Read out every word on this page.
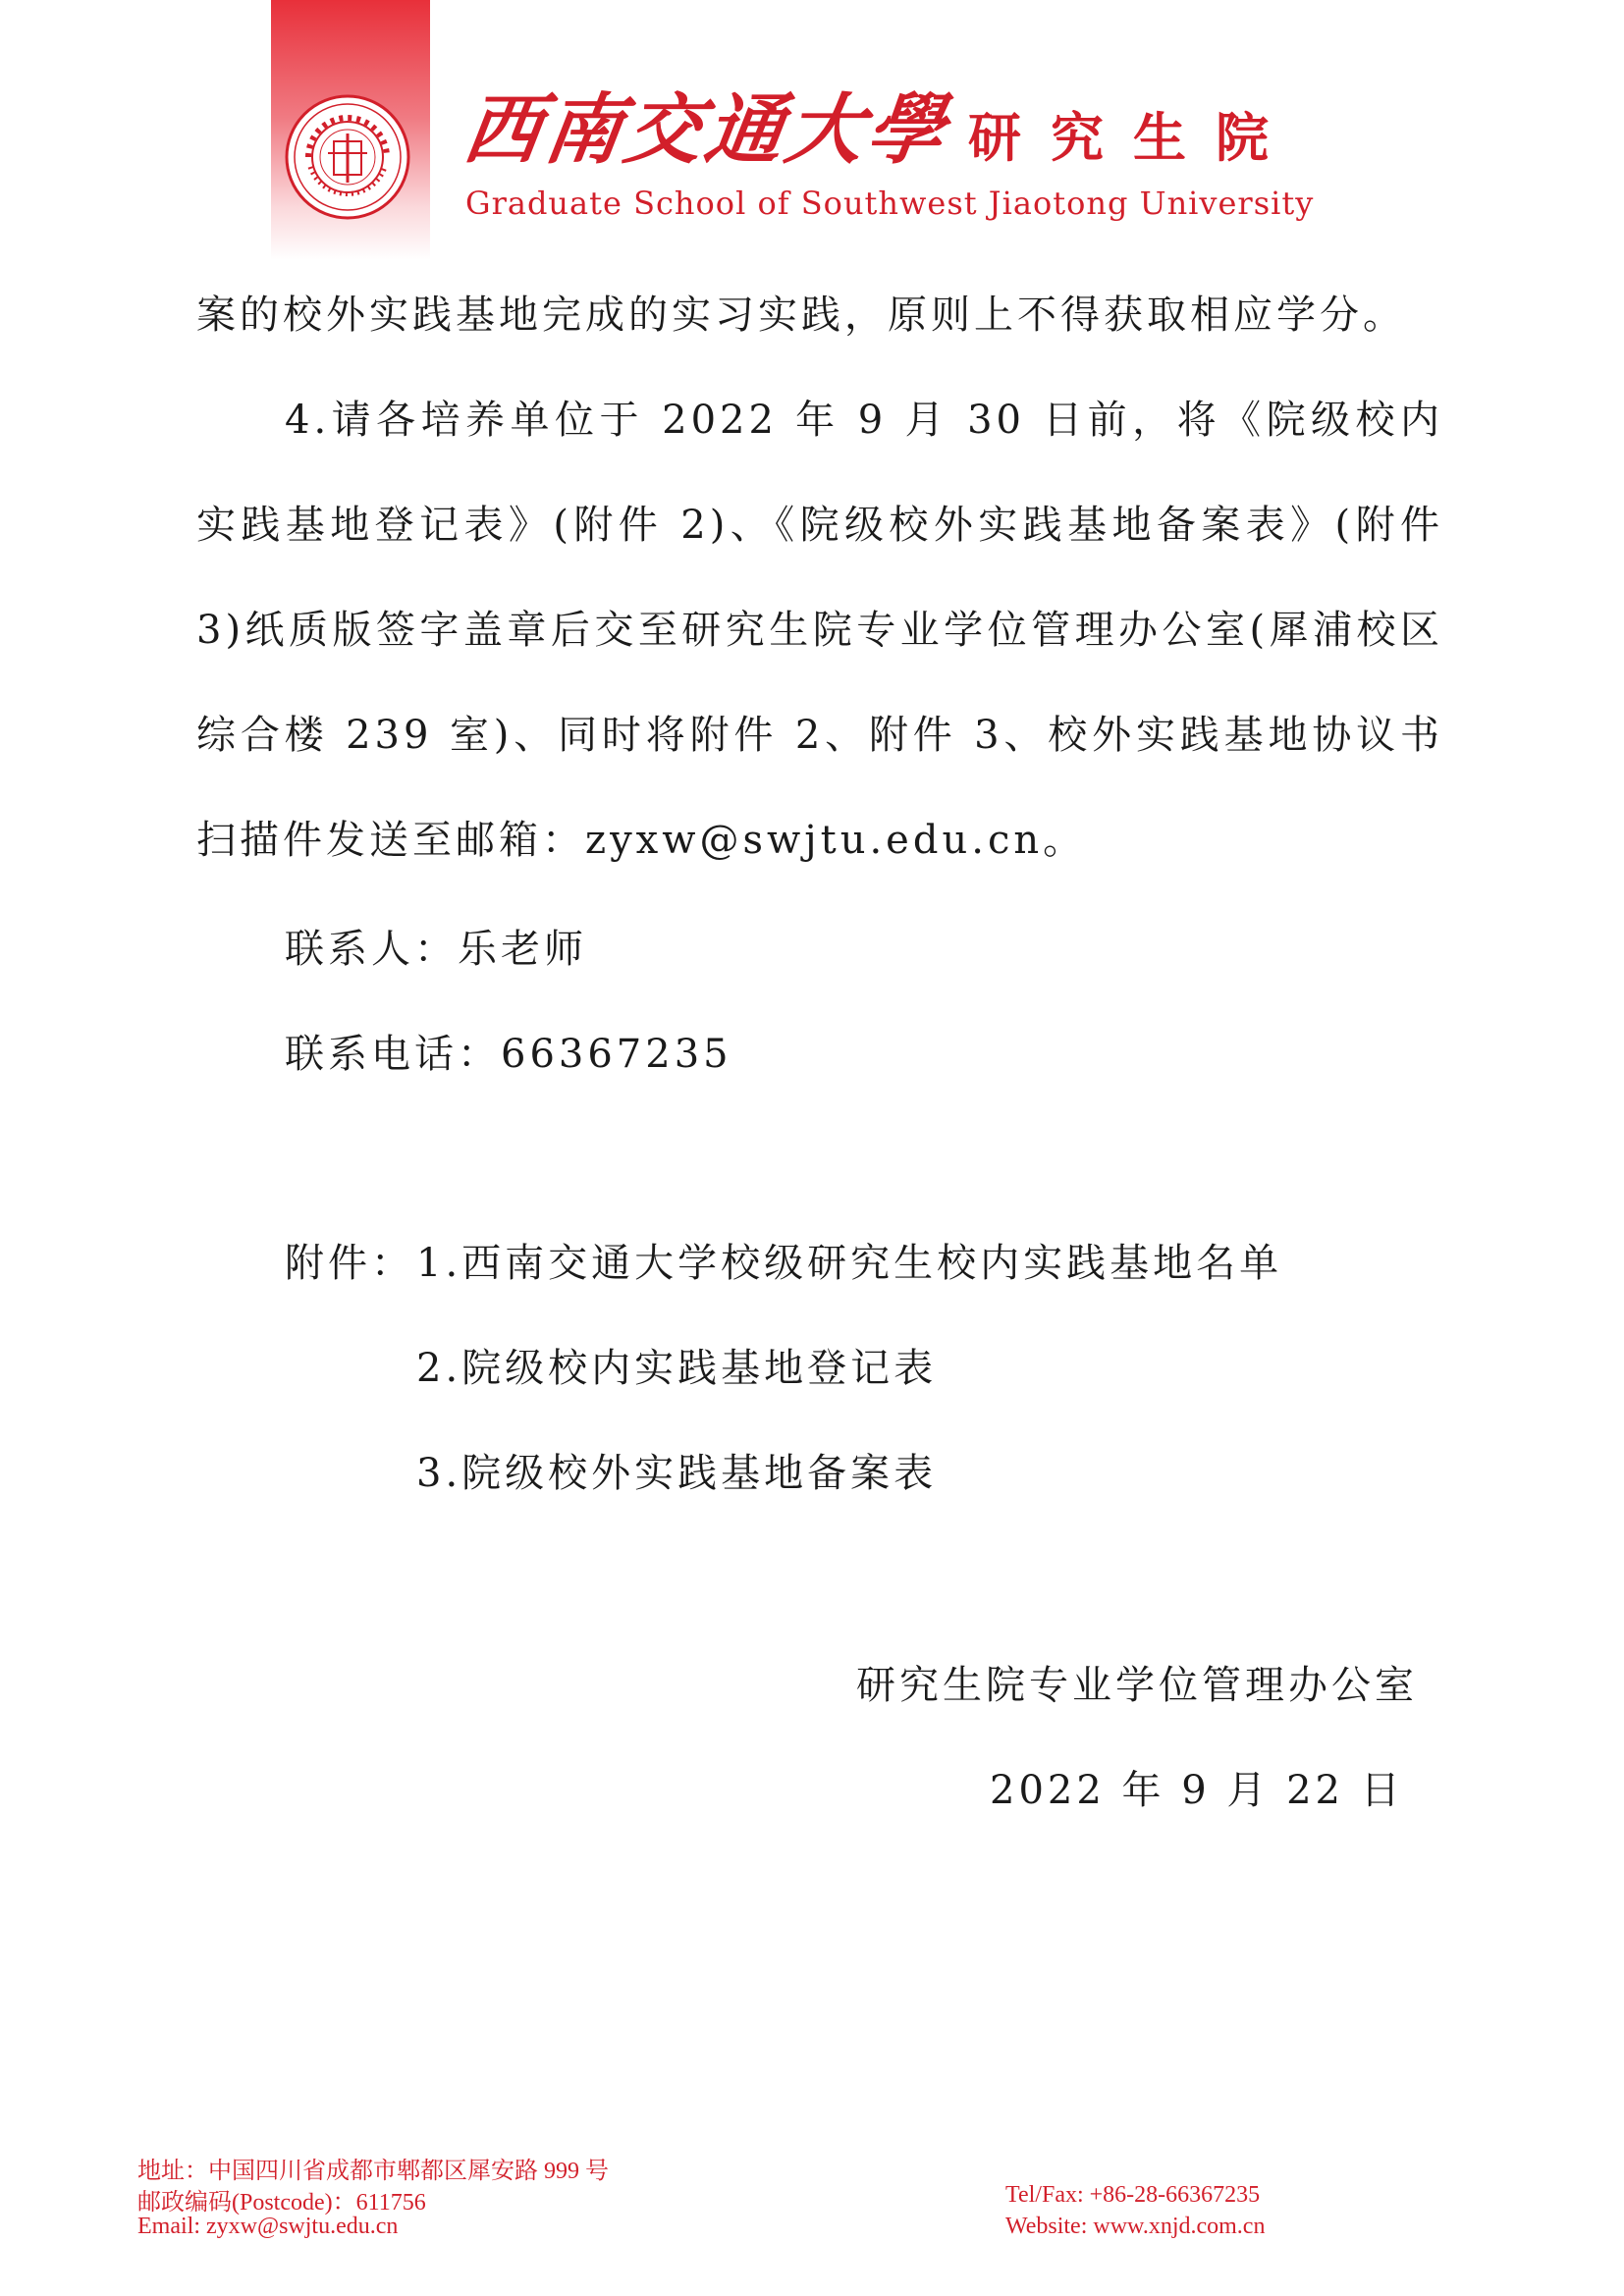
西南交通大學 研究生院
Graduate School of Southwest Jiaotong University
案的校外实践基地完成的实习实践，原则上不得获取相应学分。
4.请各培养单位于 2022 年 9 月 30 日前，将《院级校内实践基地登记表》(附件 2)、《院级校外实践基地备案表》(附件 3)纸质版签字盖章后交至研究生院专业学位管理办公室(犀浦校区综合楼 239 室)、同时将附件 2、附件 3、校外实践基地协议书扫描件发送至邮箱：zyxw@swjtu.edu.cn。
联系人：乐老师
联系电话：66367235
附件： 1.西南交通大学校级研究生校内实践基地名单
2.院级校内实践基地登记表
3.院级校外实践基地备案表
研究生院专业学位管理办公室
2022 年 9 月 22 日
地址：中国四川省成都市郫都区犀安路 999 号
邮政编码(Postcode)：611756
Email: zyxw@swjtu.edu.cn
Tel/Fax: +86-28-66367235
Website: www.xnjd.com.cn
